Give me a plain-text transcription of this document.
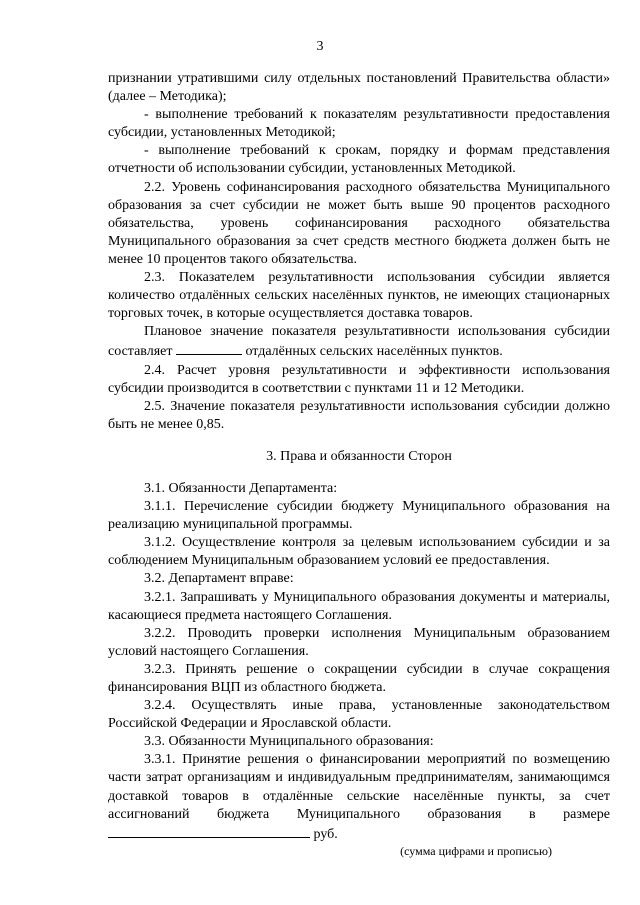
3

признании утратившими силу отдельных постановлений Правительства области» (далее – Методика);

- выполнение требований к показателям результативности предоставления субсидии, установленных Методикой;

- выполнение требований к срокам, порядку и формам представления отчетности об использовании субсидии, установленных Методикой.

2.2. Уровень софинансирования расходного обязательства Муниципального образования за счет субсидии не может быть выше 90 процентов расходного обязательства, уровень софинансирования расходного обязательства Муниципального образования за счет средств местного бюджета должен быть не менее 10 процентов такого обязательства.

2.3. Показателем результативности использования субсидии является количество отдалённых сельских населённых пунктов, не имеющих стационарных торговых точек, в которые осуществляется доставка товаров.

Плановое значение показателя результативности использования субсидии составляет	отдалённых сельских населённых пунктов.

2.4. Расчет уровня результативности и эффективности использования субсидии производится в соответствии с пунктами 11 и 12 Методики.

2.5. Значение показателя результативности использования субсидии должно быть не менее 0,85.

3. Права и обязанности Сторон

3.1. Обязанности Департамента:

3.1.1. Перечисление субсидии бюджету Муниципального образования на реализацию муниципальной программы.

3.1.2. Осуществление контроля за целевым использованием субсидии и за соблюдением Муниципальным образованием условий ее предоставления.

3.2. Департамент вправе:

3.2.1. Запрашивать у Муниципального образования документы и материалы, касающиеся предмета настоящего Соглашения.

3.2.2. Проводить проверки исполнения Муниципальным образованием условий настоящего Соглашения.

3.2.3. Принять решение о сокращении субсидии в случае сокращения финансирования ВЦП из областного бюджета.

3.2.4. Осуществлять иные права, установленные законодательством Российской Федерации и Ярославской области.

3.3. Обязанности Муниципального образования:

3.3.1. Принятие решения о финансировании мероприятий по возмещению части затрат организациям и индивидуальным предпринимателям, занимающимся доставкой товаров в отдалённые сельские населённые пункты, за счет ассигнований бюджета Муниципального образования в размере  руб.

(сумма цифрами и прописью)
